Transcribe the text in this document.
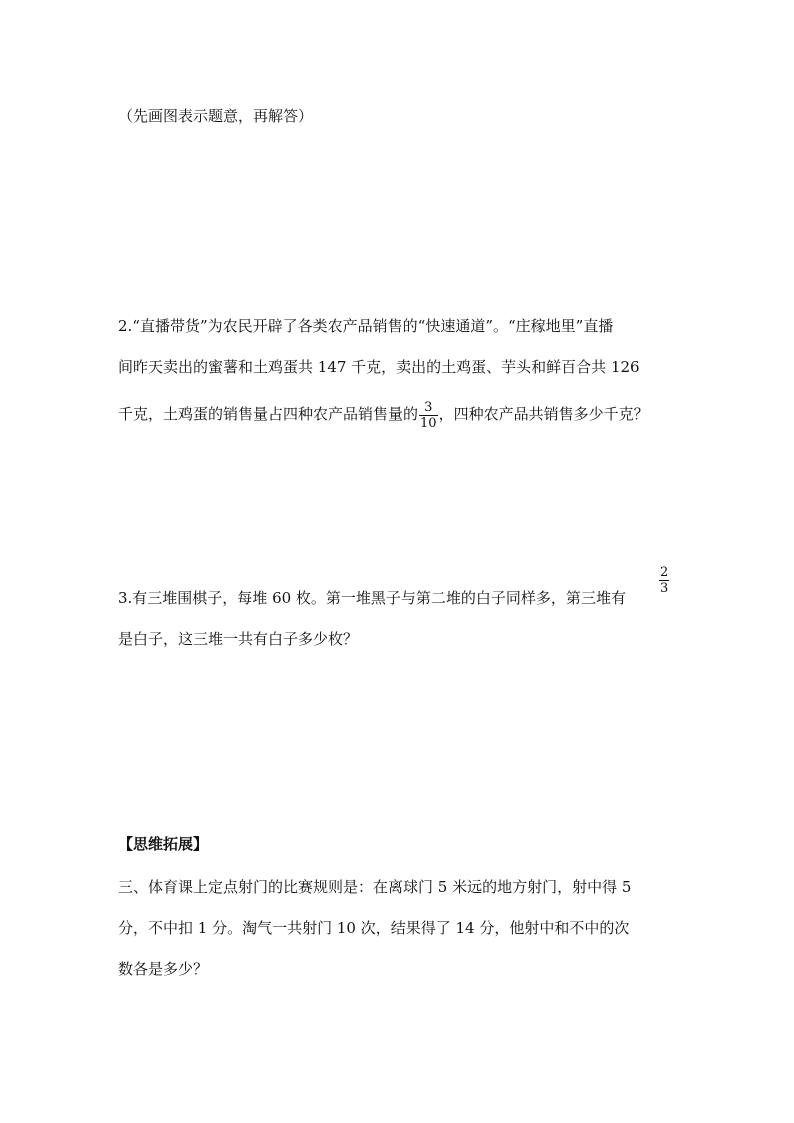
（先画图表示题意，再解答）
2.“直播带货”为农民开辟了各类农产品销售的“快速通道”。“庄稼地里”直播
间昨天卖出的蜜薯和土鸡蛋共 147 千克，卖出的土鸡蛋、芋头和鲜百合共 126
千克，土鸡蛋的销售量占四种农产品销售量的 $\frac{3}{10}$ ，四种农产品共销售多少千克？
3.有三堆围棋子，每堆 60 枚。第一堆黑子与第二堆的白子同样多，第三堆有
$\frac{2}{3}$
是白子，这三堆一共有白子多少枚？
【思维拓展】
三、体育课上定点射门的比赛规则是：在离球门 5 米远的地方射门，射中得 5
分，不中扣 1 分。淘气一共射门 10 次，结果得了 14 分，他射中和不中的次
数各是多少？
